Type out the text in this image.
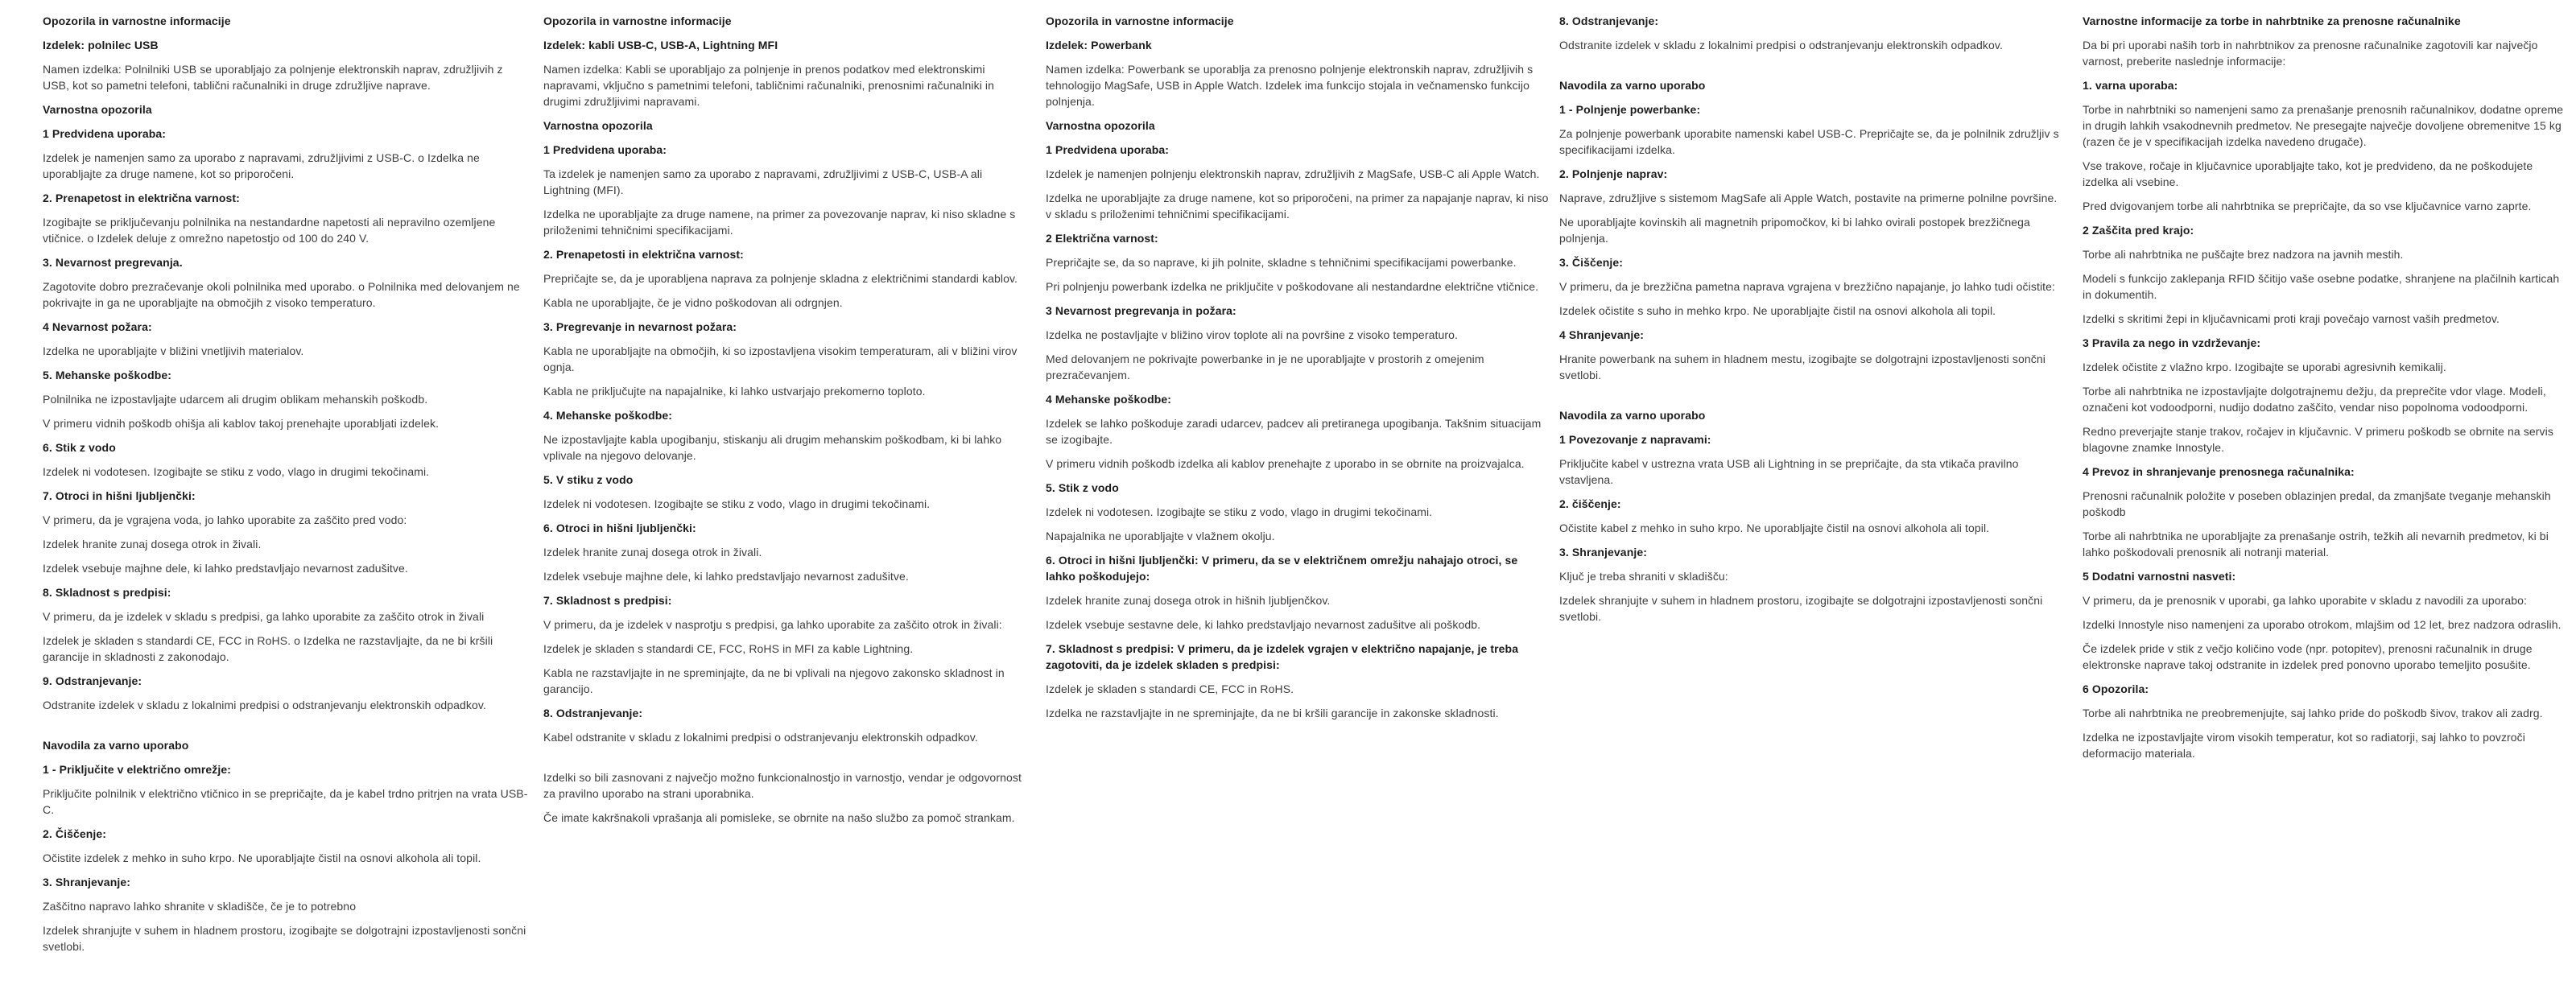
Opozorila in varnostne informacije

Izdelek: polnilec USB

Namen izdelka: Polnilniki USB se uporabljajo za polnjenje elektronskih naprav, združljivih z USB, kot so pametni telefoni, tablični računalniki in druge združljive naprave.

Varnostna opozorila

1 Predvidena uporaba:

Izdelek je namenjen samo za uporabo z napravami, združljivimi z USB-C. o Izdelka ne uporabljajte za druge namene, kot so priporočeni.

2. Prenapetost in električna varnost:

Izogibajte se priključevanju polnilnika na nestandardne napetosti ali nepravilno ozemljene vtičnice. o Izdelek deluje z omrežno napetostjo od 100 do 240 V.

3. Nevarnost pregrevanja.

Zagotovite dobro prezračevanje okoli polnilnika med uporabo. o Polnilnika med delovanjem ne pokrivajte in ga ne uporabljajte na območjih z visoko temperaturo.

4 Nevarnost požara:

Izdelka ne uporabljajte v bližini vnetljivih materialov.

5. Mehanske poškodbe:

Polnilnika ne izpostavljajte udarcem ali drugim oblikam mehanskih poškodb.

V primeru vidnih poškodb ohišja ali kablov takoj prenehajte uporabljati izdelek.

6. Stik z vodo

Izdelek ni vodotesen. Izogibajte se stiku z vodo, vlago in drugimi tekočinami.

7. Otroci in hišni ljubljenčki:

V primeru, da je vgrajena voda, jo lahko uporabite za zaščito pred vodo:

Izdelek hranite zunaj dosega otrok in živali.

Izdelek vsebuje majhne dele, ki lahko predstavljajo nevarnost zadušitve.

8. Skladnost s predpisi:

V primeru, da je izdelek v skladu s predpisi, ga lahko uporabite za zaščito otrok in živali

Izdelek je skladen s standardi CE, FCC in RoHS. o Izdelka ne razstavljajte, da ne bi kršili garancije in skladnosti z zakonodajo.

9. Odstranjevanje:

Odstranite izdelek v skladu z lokalnimi predpisi o odstranjevanju elektronskih odpadkov.

Navodila za varno uporabo

1 - Priključite v električno omrežje:

Priključite polnilnik v električno vtičnico in se prepričajte, da je kabel trdno pritrjen na vrata USB-C.

2. Čiščenje:

Očistite izdelek z mehko in suho krpo. Ne uporabljajte čistil na osnovi alkohola ali topil.

3. Shranjevanje:

Zaščitno napravo lahko shranite v skladišče, če je to potrebno

Izdelek shranjujte v suhem in hladnem prostoru, izogibajte se dolgotrajni izpostavljenosti sončni svetlobi.

Opozorila in varnostne informacije

Izdelek: kabli USB-C, USB-A, Lightning MFI

Namen izdelka: Kabli se uporabljajo za polnjenje in prenos podatkov med elektronskimi napravami, vključno s pametnimi telefoni, tabličnimi računalniki, prenosnimi računalniki in drugimi združljivimi napravami.

Varnostna opozorila

1 Predvidena uporaba:

Ta izdelek je namenjen samo za uporabo z napravami, združljivimi z USB-C, USB-A ali Lightning (MFI).

Izdelka ne uporabljajte za druge namene, na primer za povezovanje naprav, ki niso skladne s priloženimi tehničnimi specifikacijami.

2. Prenapetosti in električna varnost:

Prepričajte se, da je uporabljena naprava za polnjenje skladna z električnimi standardi kablov.

Kabla ne uporabljajte, če je vidno poškodovan ali odrgnjen.

3. Pregrevanje in nevarnost požara:

Kabla ne uporabljajte na območjih, ki so izpostavljena visokim temperaturam, ali v bližini virov ognja.

Kabla ne priključujte na napajalnike, ki lahko ustvarjajo prekomerno toploto.

4. Mehanske poškodbe:

Ne izpostavljajte kabla upogibanju, stiskanju ali drugim mehanskim poškodbam, ki bi lahko vplivale na njegovo delovanje.

5. V stiku z vodo

Izdelek ni vodotesen. Izogibajte se stiku z vodo, vlago in drugimi tekočinami.

6. Otroci in hišni ljubljenčki:

Izdelek hranite zunaj dosega otrok in živali.

Izdelek vsebuje majhne dele, ki lahko predstavljajo nevarnost zadušitve.

7. Skladnost s predpisi:

V primeru, da je izdelek v nasprotju s predpisi, ga lahko uporabite za zaščito otrok in živali:

Izdelek je skladen s standardi CE, FCC, RoHS in MFI za kable Lightning.

Kabla ne razstavljajte in ne spreminjajte, da ne bi vplivali na njegovo zakonsko skladnost in garancijo.

8. Odstranjevanje:

Kabel odstranite v skladu z lokalnimi predpisi o odstranjevanju elektronskih odpadkov.

Izdelki so bili zasnovani z največjo možno funkcionalnostjo in varnostjo, vendar je odgovornost za pravilno uporabo na strani uporabnika.

Če imate kakršnakoli vprašanja ali pomisleke, se obrnite na našo službo za pomoč strankam.

Opozorila in varnostne informacije

Izdelek: Powerbank

Namen izdelka: Powerbank se uporablja za prenosno polnjenje elektronskih naprav, združljivih s tehnologijo MagSafe, USB in Apple Watch. Izdelek ima funkcijo stojala in večnamensko funkcijo polnjenja.

Varnostna opozorila

1 Predvidena uporaba:

Izdelek je namenjen polnjenju elektronskih naprav, združljivih z MagSafe, USB-C ali Apple Watch.

Izdelka ne uporabljajte za druge namene, kot so priporočeni, na primer za napajanje naprav, ki niso v skladu s priloženimi tehničnimi specifikacijami.

2 Električna varnost:

Prepričajte se, da so naprave, ki jih polnite, skladne s tehničnimi specifikacijami powerbanke.

Pri polnjenju powerbank izdelka ne priključite v poškodovane ali nestandardne električne vtičnice.

3 Nevarnost pregrevanja in požara:

Izdelka ne postavljajte v bližino virov toplote ali na površine z visoko temperaturo.

Med delovanjem ne pokrivajte powerbanke in je ne uporabljajte v prostorih z omejenim prezračevanjem.

4 Mehanske poškodbe:

Izdelek se lahko poškoduje zaradi udarcev, padcev ali pretiranega upogibanja. Takšnim situacijam se izogibajte.

V primeru vidnih poškodb izdelka ali kablov prenehajte z uporabo in se obrnite na proizvajalca.

5. Stik z vodo

Izdelek ni vodotesen. Izogibajte se stiku z vodo, vlago in drugimi tekočinami.

Napajalnika ne uporabljajte v vlažnem okolju.

6. Otroci in hišni ljubljenčki: V primeru, da se v električnem omrežju nahajajo otroci, se lahko poškodujejo:

Izdelek hranite zunaj dosega otrok in hišnih ljubljenčkov.

Izdelek vsebuje sestavne dele, ki lahko predstavljajo nevarnost zadušitve ali poškodb.

7. Skladnost s predpisi: V primeru, da je izdelek vgrajen v električno napajanje, je treba zagotoviti, da je izdelek skladen s predpisi:

Izdelek je skladen s standardi CE, FCC in RoHS.

Izdelka ne razstavljajte in ne spreminjajte, da ne bi kršili garancije in zakonske skladnosti.

8. Odstranjevanje:

Odstranite izdelek v skladu z lokalnimi predpisi o odstranjevanju elektronskih odpadkov.

Navodila za varno uporabo

1 - Polnjenje powerbanke:

Za polnjenje powerbank uporabite namenski kabel USB-C. Prepričajte se, da je polnilnik združljiv s specifikacijami izdelka.

2. Polnjenje naprav:

Naprave, združljive s sistemom MagSafe ali Apple Watch, postavite na primerne polnilne površine.

Ne uporabljajte kovinskih ali magnetnih pripomočkov, ki bi lahko ovirali postopek brezžičnega polnjenja.

3. Čiščenje:

V primeru, da je brezžična pametna naprava vgrajena v brezžično napajanje, jo lahko tudi očistite:

Izdelek očistite s suho in mehko krpo. Ne uporabljajte čistil na osnovi alkohola ali topil.

4 Shranjevanje:

Hranite powerbank na suhem in hladnem mestu, izogibajte se dolgotrajni izpostavljenosti sončni svetlobi.

Navodila za varno uporabo

1 Povezovanje z napravami:

Priključite kabel v ustrezna vrata USB ali Lightning in se prepričajte, da sta vtikača pravilno vstavljena.

2. čiščenje:

Očistite kabel z mehko in suho krpo. Ne uporabljajte čistil na osnovi alkohola ali topil.

3. Shranjevanje:

Ključ je treba shraniti v skladišču:

Izdelek shranjujte v suhem in hladnem prostoru, izogibajte se dolgotrajni izpostavljenosti sončni svetlobi.

Varnostne informacije za torbe in nahrbtnike za prenosne računalnike

Da bi pri uporabi naših torb in nahrbtnikov za prenosne računalnike zagotovili kar največjo varnost, preberite naslednje informacije:

1. varna uporaba:

Torbe in nahrbtniki so namenjeni samo za prenašanje prenosnih računalnikov, dodatne opreme in drugih lahkih vsakodnevnih predmetov. Ne presegajte največje dovoljene obremenitve 15 kg (razen če je v specifikacijah izdelka navedeno drugače).

Vse trakove, ročaje in ključavnice uporabljajte tako, kot je predvideno, da ne poškodujete izdelka ali vsebine.

Pred dvigovanjem torbe ali nahrbtnika se prepričajte, da so vse ključavnice varno zaprte.

2 Zaščita pred krajo:

Torbe ali nahrbtnika ne puščajte brez nadzora na javnih mestih.

Modeli s funkcijo zaklepanja RFID ščitijo vaše osebne podatke, shranjene na plačilnih karticah in dokumentih.

Izdelki s skritimi žepi in ključavnicami proti kraji povečajo varnost vaših predmetov.

3 Pravila za nego in vzdrževanje:

Izdelek očistite z vlažno krpo. Izogibajte se uporabi agresivnih kemikalij.

Torbe ali nahrbtnika ne izpostavljajte dolgotrajnemu dežju, da preprečite vdor vlage. Modeli, označeni kot vodoodporni, nudijo dodatno zaščito, vendar niso popolnoma vodoodporni.

Redno preverjajte stanje trakov, ročajev in ključavnic. V primeru poškodb se obrnite na servis blagovne znamke Innostyle.

4 Prevoz in shranjevanje prenosnega računalnika:

Prenosni računalnik položite v poseben oblazinjen predal, da zmanjšate tveganje mehanskih poškodb

Torbe ali nahrbtnika ne uporabljajte za prenašanje ostrih, težkih ali nevarnih predmetov, ki bi lahko poškodovali prenosnik ali notranji material.

5 Dodatni varnostni nasveti:

V primeru, da je prenosnik v uporabi, ga lahko uporabite v skladu z navodili za uporabo:

Izdelki Innostyle niso namenjeni za uporabo otrokom, mlajšim od 12 let, brez nadzora odraslih.

Če izdelek pride v stik z večjo količino vode (npr. potopitev), prenosni računalnik in druge elektronske naprave takoj odstranite in izdelek pred ponovno uporabo temeljito posušite.

6 Opozorila:

Torbe ali nahrbtnika ne preobremenjujte, saj lahko pride do poškodb šivov, trakov ali zadrg.

Izdelka ne izpostavljajte virom visokih temperatur, kot so radiatorji, saj lahko to povzroči deformacijo materiala.
